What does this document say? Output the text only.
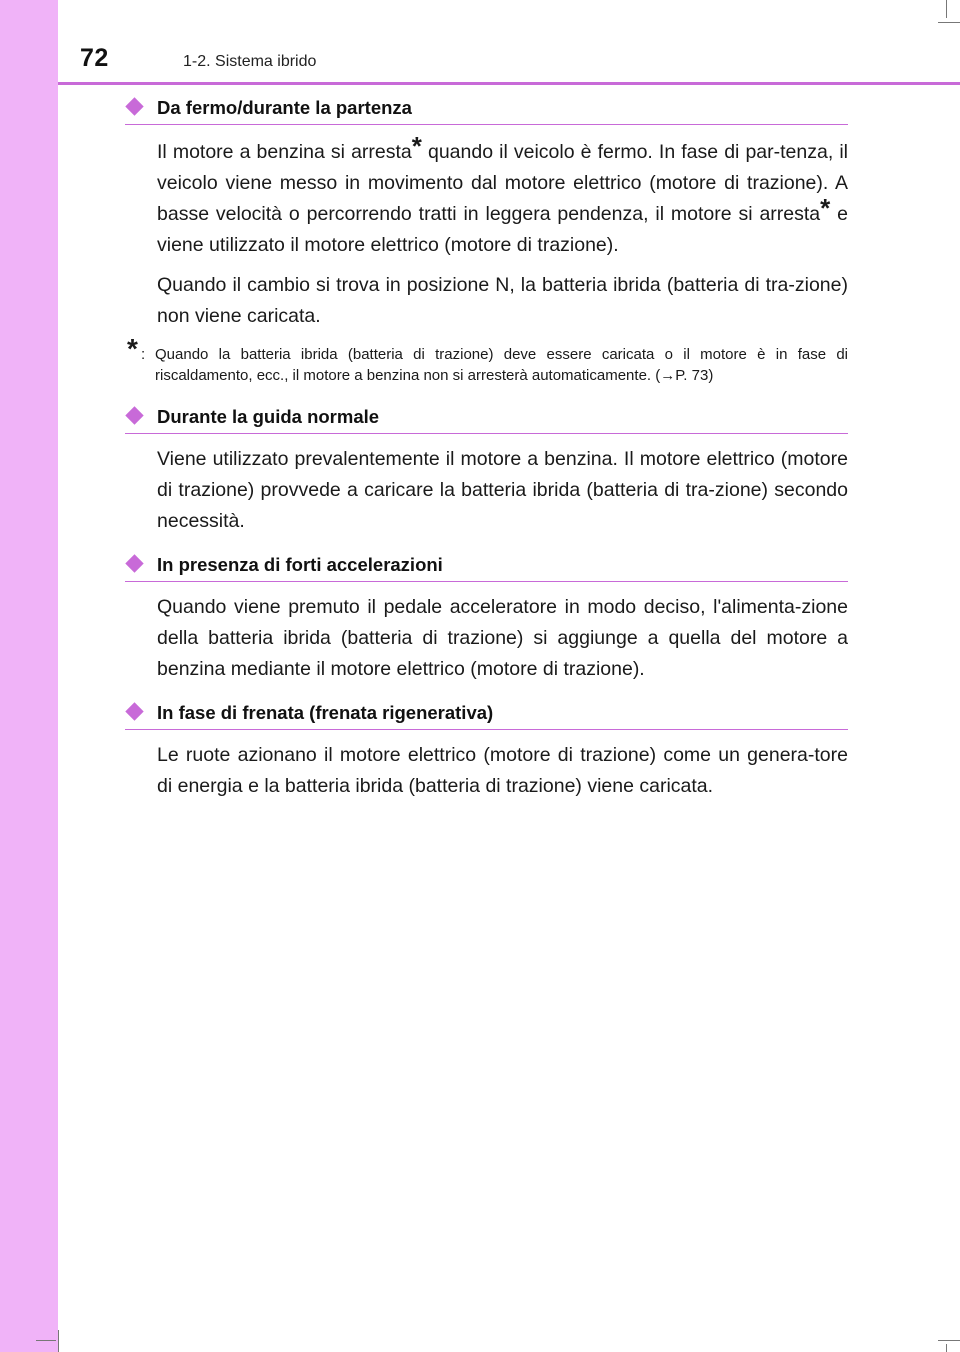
72	1-2. Sistema ibrido
Da fermo/durante la partenza

Il motore a benzina si arresta* quando il veicolo è fermo. In fase di par-tenza, il veicolo viene messo in movimento dal motore elettrico (motore di trazione). A basse velocità o percorrendo tratti in leggera pendenza, il motore si arresta* e viene utilizzato il motore elettrico (motore di trazione).

Quando il cambio si trova in posizione N, la batteria ibrida (batteria di tra-zione) non viene caricata.

* : Quando la batteria ibrida (batteria di trazione) deve essere caricata o il motore è in fase di riscaldamento, ecc., il motore a benzina non si arresterà automaticamente. (→P. 73)
Durante la guida normale

Viene utilizzato prevalentemente il motore a benzina. Il motore elettrico (motore di trazione) provvede a caricare la batteria ibrida (batteria di tra-zione) secondo necessità.

In presenza di forti accelerazioni

Quando viene premuto il pedale acceleratore in modo deciso, l'alimenta-zione della batteria ibrida (batteria di trazione) si aggiunge a quella del motore a benzina mediante il motore elettrico (motore di trazione).

In fase di frenata (frenata rigenerativa)

Le ruote azionano il motore elettrico (motore di trazione) come un genera-tore di energia e la batteria ibrida (batteria di trazione) viene caricata.
